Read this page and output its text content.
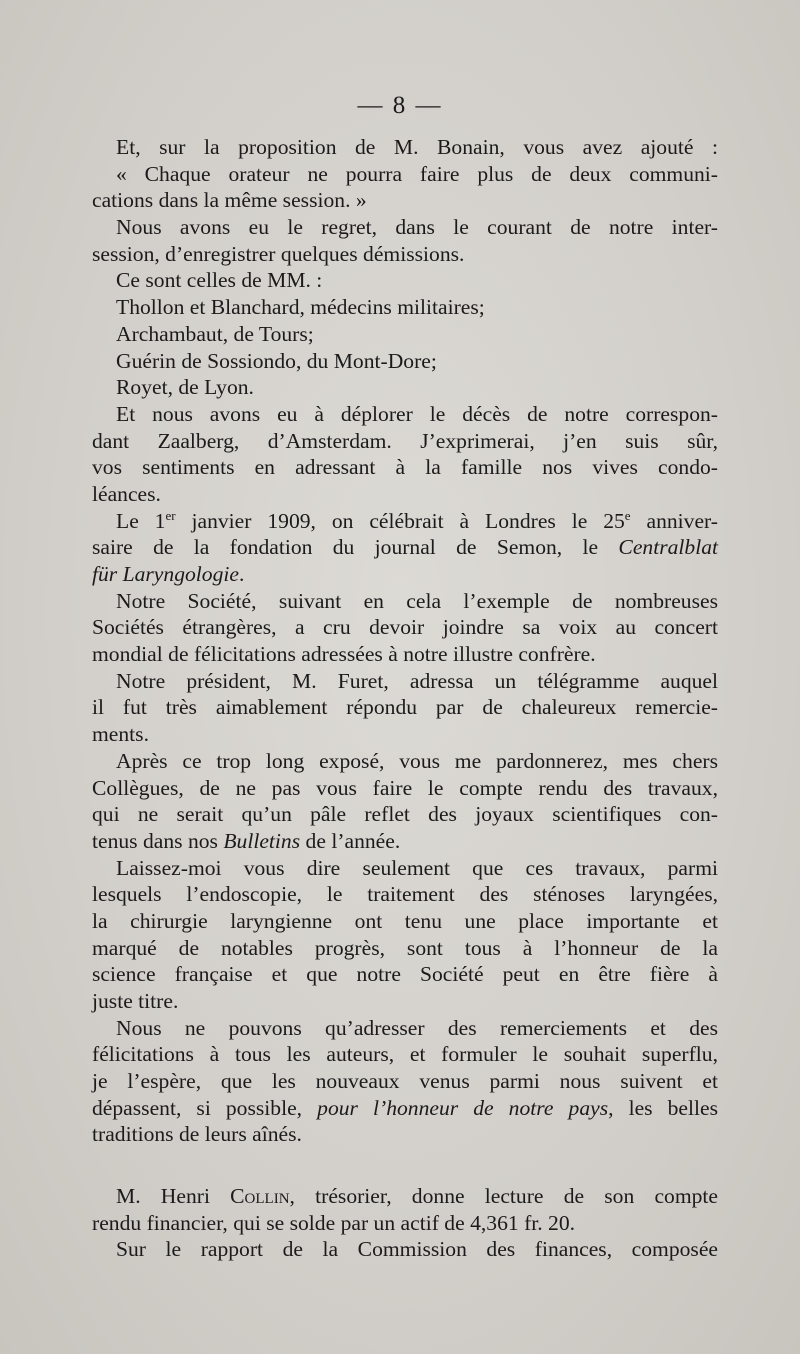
— 8 —
Et, sur la proposition de M. Bonain, vous avez ajouté :
« Chaque orateur ne pourra faire plus de deux communi-
cations dans la même session. »
Nous avons eu le regret, dans le courant de notre inter-
session, d’enregistrer quelques démissions.
Ce sont celles de MM. :
Thollon et Blanchard, médecins militaires;
Archambaut, de Tours;
Guérin de Sossiondo, du Mont-Dore;
Royet, de Lyon.
Et nous avons eu à déplorer le décès de notre correspon-
dant Zaalberg, d’Amsterdam. J’exprimerai, j’en suis sûr,
vos sentiments en adressant à la famille nos vives condo-
léances.
Le 1er janvier 1909, on célébrait à Londres le 25e anniver-
saire de la fondation du journal de Semon, le Centralblat
für Laryngologie.
Notre Société, suivant en cela l’exemple de nombreuses
Sociétés étrangères, a cru devoir joindre sa voix au concert
mondial de félicitations adressées à notre illustre confrère.
Notre président, M. Furet, adressa un télégramme auquel
il fut très aimablement répondu par de chaleureux remercie-
ments.
Après ce trop long exposé, vous me pardonnerez, mes chers
Collègues, de ne pas vous faire le compte rendu des travaux,
qui ne serait qu’un pâle reflet des joyaux scientifiques con-
tenus dans nos Bulletins de l’année.
Laissez-moi vous dire seulement que ces travaux, parmi
lesquels l’endoscopie, le traitement des sténoses laryngées,
la chirurgie laryngienne ont tenu une place importante et
marqué de notables progrès, sont tous à l’honneur de la
science française et que notre Société peut en être fière à
juste titre.
Nous ne pouvons qu’adresser des remerciements et des
félicitations à tous les auteurs, et formuler le souhait superflu,
je l’espère, que les nouveaux venus parmi nous suivent et
dépassent, si possible, pour l’honneur de notre pays, les belles
traditions de leurs aînés.
M. Henri Collin, trésorier, donne lecture de son compte
rendu financier, qui se solde par un actif de 4,361 fr. 20.
Sur le rapport de la Commission des finances, composée
